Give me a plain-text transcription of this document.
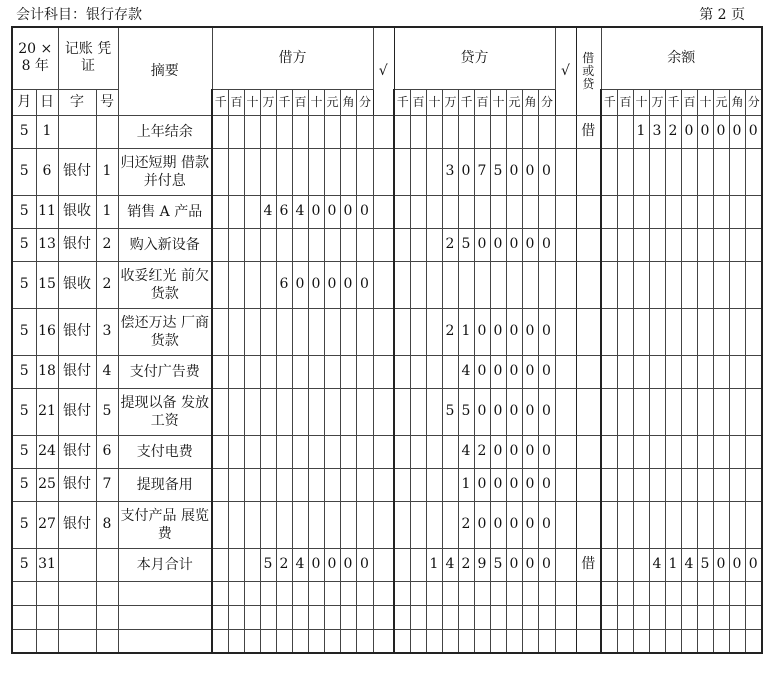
会计科目：银行存款	第 2 页
20 × 8 年		记账 凭证		摘要	借方										√	贷方										√	借 或 贷	余额									
月	日	字	号		千	百	十	万	千	百	十	元	角	分		千	百	十	万	千	百	十	元	角	分			千	百	十	万	千	百	十	元	角	分
5	1			上年结余																							借			1	3	2	0	0	0	0	0
5	6	银付	1	归还短期 借款并付息															3	0	7	5	0	0	0												
5	11	银收	1	销售 A 产品				4	6	4	0	0	0	0																							
5	13	银付	2	购入新设备															2	5	0	0	0	0	0												
5	15	银收	2	收妥红光 前欠货款					6	0	0	0	0	0																							
5	16	银付	3	偿还万达 厂商货款															2	1	0	0	0	0	0												
5	18	银付	4	支付广告费																4	0	0	0	0	0												
5	21	银付	5	提现以备 发放工资															5	5	0	0	0	0	0												
5	24	银付	6	支付电费																4	2	0	0	0	0												
5	25	银付	7	提现备用																1	0	0	0	0	0												
5	27	银付	8	支付产品 展览费																2	0	0	0	0	0												
5	31			本月合计				5	2	4	0	0	0	0				1	4	2	9	5	0	0	0		借				4	1	4	5	0	0	0
